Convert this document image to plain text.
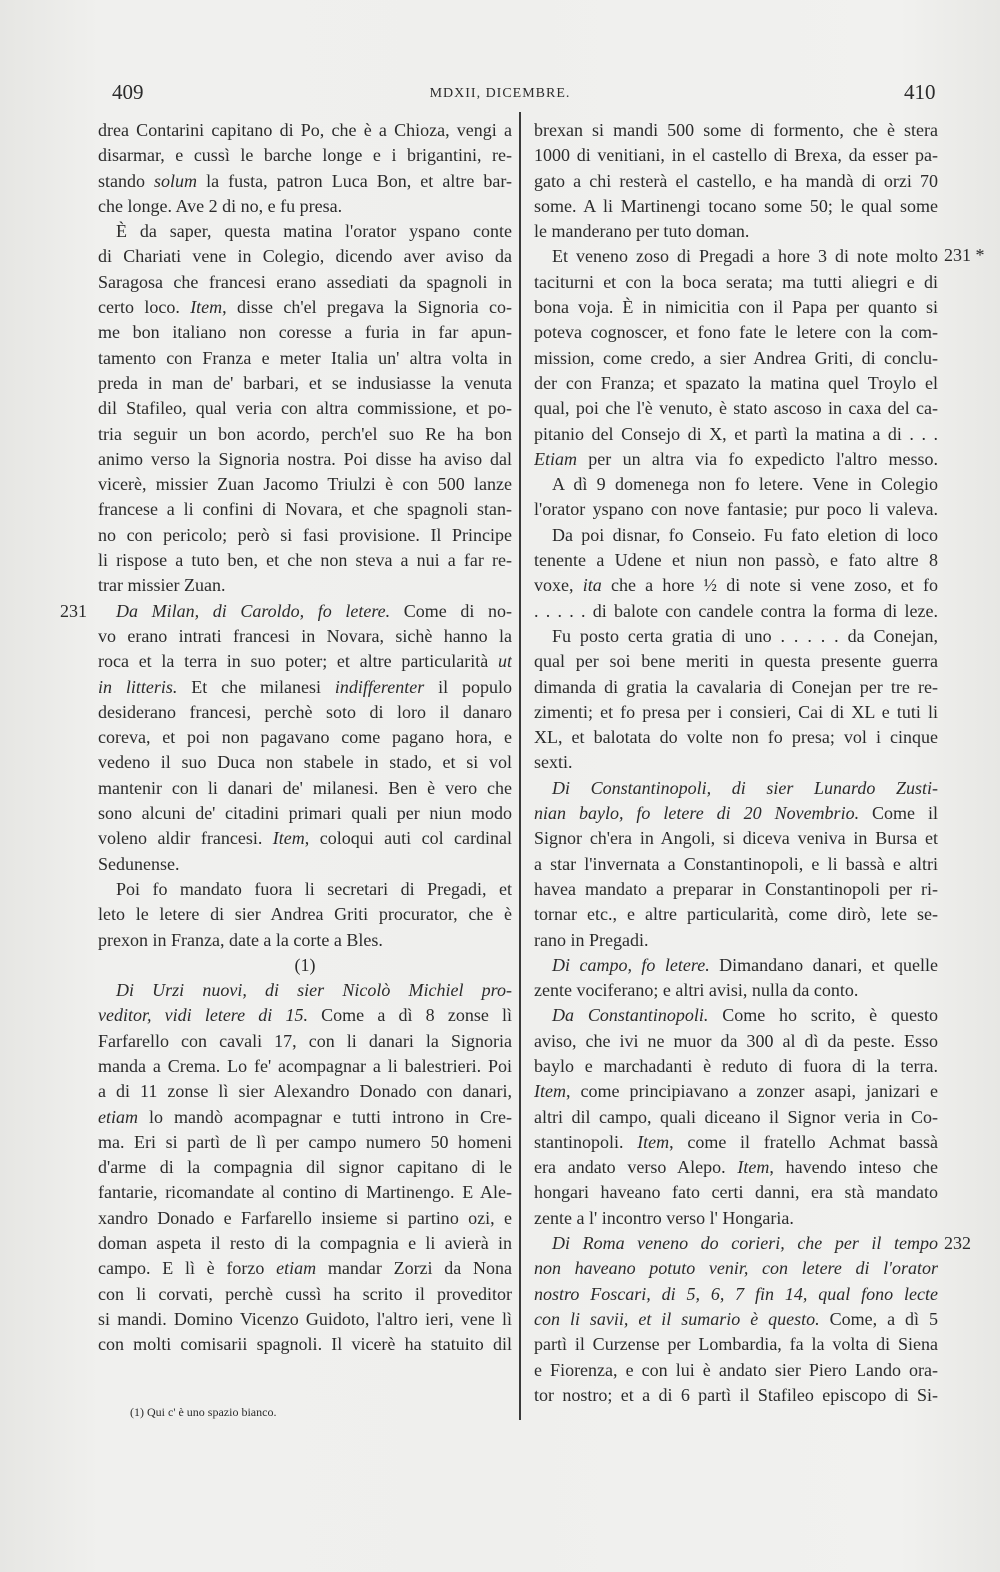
409	MDXII, DICEMBRE.	410
231
231 *
232
drea Contarini capitano di Po, che è a Chioza, vengi a
disarmar, e cussì le barche longe e i brigantini, re-
stando solum la fusta, patron Luca Bon, et altre bar-
che longe. Ave 2 di no, e fu presa.
 È da saper, questa matina l'orator yspano conte
di Chariati vene in Colegio, dicendo aver aviso da
Saragosa che francesi erano assediati da spagnoli in
certo loco. Item, disse ch'el pregava la Signoria co-
me bon italiano non coresse a furia in far apun-
tamento con Franza e meter Italia un' altra volta in
preda in man de' barbari, et se indusiasse la venuta
dil Stafileo, qual veria con altra commissione, et po-
tria seguir un bon acordo, perch'el suo Re ha bon
animo verso la Signoria nostra. Poi disse ha aviso dal
vicerè, missier Zuan Jacomo Triulzi è con 500 lanze
francese a li confini di Novara, et che spagnoli stan-
no con pericolo; però si fasi provisione. Il Principe
li rispose a tuto ben, et che non steva a nui a far re-
trar missier Zuan.
 Da Milan, di Caroldo, fo letere. Come di no-
vo erano intrati francesi in Novara, sichè hanno la
roca et la terra in suo poter; et altre particularità ut
in litteris. Et che milanesi indifferenter il populo
desiderano francesi, perchè soto di loro il danaro
coreva, et poi non pagavano come pagano hora, e
vedeno il suo Duca non stabele in stado, et si vol
mantenir con li danari de' milanesi. Ben è vero che
sono alcuni de' citadini primari quali per niun modo
voleno aldir francesi. Item, coloqui auti col cardinal
Sedunense.
 Poi fo mandato fuora li secretari di Pregadi, et
leto le letere di sier Andrea Griti procurator, che è
prexon in Franza, date a la corte a Bles.
(1)
 Di Urzi nuovi, di sier Nicolò Michiel pro-
veditor, vidi letere di 15. Come a dì 8 zonse lì
Farfarello con cavali 17, con li danari la Signoria
manda a Crema. Lo fe' acompagnar a li balestrieri. Poi
a di 11 zonse lì sier Alexandro Donado con danari,
etiam lo mandò acompagnar e tutti introno in Cre-
ma. Eri si partì de lì per campo numero 50 homeni
d'arme di la compagnia dil signor capitano di le
fantarie, ricomandate al contino di Martinengo. E Ale-
xandro Donado e Farfarello insieme si partino ozi, e
doman aspeta il resto di la compagnia e li avierà in
campo. E lì è forzo etiam mandar Zorzi da Nona
con li corvati, perchè cussì ha scrito il proveditor
si mandi. Domino Vicenzo Guidoto, l'altro ieri, vene lì
con molti comisarii spagnoli. Il vicerè ha statuito dil
brexan si mandi 500 some di formento, che è stera
1000 di venitiani, in el castello di Brexa, da esser pa-
gato a chi resterà el castello, e ha mandà di orzi 70
some. A li Martinengi tocano some 50; le qual some
le manderano per tuto doman.
 Et veneno zoso di Pregadi a hore 3 di note molto
taciturni et con la boca serata; ma tutti aliegri e di
bona voja. È in nimicitia con il Papa per quanto si
poteva cognoscer, et fono fate le letere con la com-
mission, come credo, a sier Andrea Griti, di conclu-
der con Franza; et spazato la matina quel Troylo el
qual, poi che l'è venuto, è stato ascoso in caxa del ca-
pitanio del Consejo di X, et partì la matina a di . . .
Etiam per un altra via fo expedicto l'altro messo.
 A dì 9 domenega non fo letere. Vene in Colegio
l'orator yspano con nove fantasie; pur poco li valeva.
 Da poi disnar, fo Conseio. Fu fato eletion di loco
tenente a Udene et niun non passò, e fato altre 8
voxe, ita che a hore ½ di note si vene zoso, et fo
. . . . . di balote con candele contra la forma di leze.
 Fu posto certa gratia di uno . . . . . da Conejan,
qual per soi bene meriti in questa presente guerra
dimanda di gratia la cavalaria di Conejan per tre re-
zimenti; et fo presa per i consieri, Cai di XL e tuti li
XL, et balotata do volte non fo presa; vol i cinque
sexti.
 Di Constantinopoli, di sier Lunardo Zusti-
nian baylo, fo letere di 20 Novembrio. Come il
Signor ch'era in Angoli, si diceva veniva in Bursa et
a star l'invernata a Constantinopoli, e li bassà e altri
havea mandato a preparar in Constantinopoli per ri-
tornar etc., e altre particularità, come dirò, lete se-
rano in Pregadi.
 Di campo, fo letere. Dimandano danari, et quelle
zente vociferano; e altri avisi, nulla da conto.
 Da Constantinopoli. Come ho scrito, è questo
aviso, che ivi ne muor da 300 al dì da peste. Esso
baylo e marchadanti è reduto di fuora di la terra.
Item, come principiavano a zonzer asapi, janizari e
altri dil campo, quali diceano il Signor veria in Co-
stantinopoli. Item, come il fratello Achmat bassà
era andato verso Alepo. Item, havendo inteso che
hongari haveano fato certi danni, era stà mandato
zente a l' incontro verso l' Hongaria.
 Di Roma veneno do corieri, che per il tempo
non haveano potuto venir, con letere di l'orator
nostro Foscari, di 5, 6, 7 fin 14, qual fono lecte
con li savii, et il sumario è questo. Come, a dì 5
partì il Curzense per Lombardia, fa la volta di Siena
e Fiorenza, e con lui è andato sier Piero Lando ora-
tor nostro; et a di 6 partì il Stafileo episcopo di Si-
(1) Qui c' è uno spazio bianco.
